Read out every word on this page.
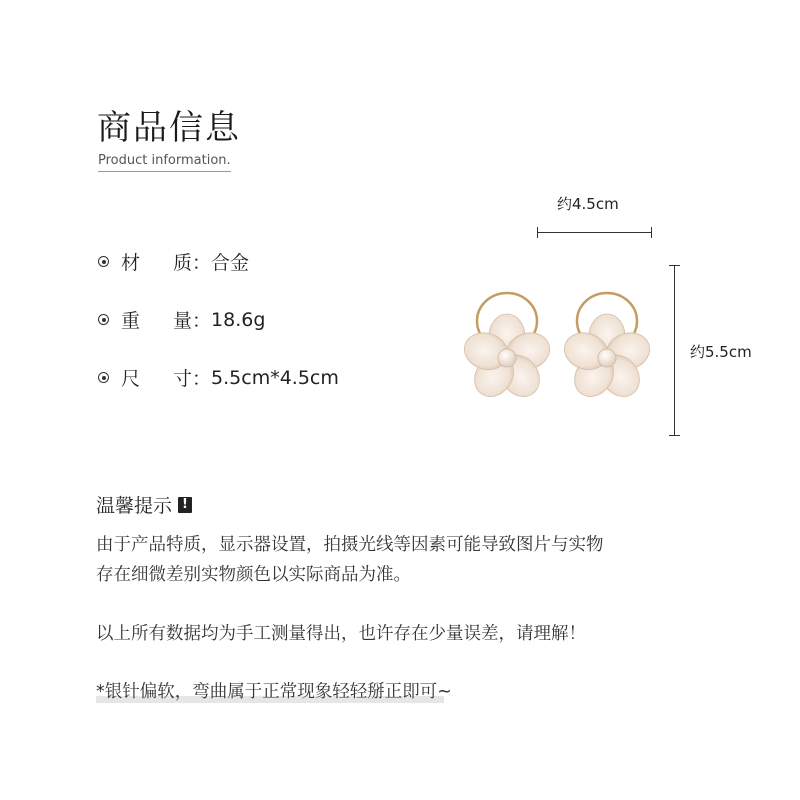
商品信息
Product information.
材	质 ： 合金
重	量 ： 18.6g
尺	寸 ： 5.5cm*4.5cm
约4.5cm
约5.5cm
温馨提示 !
由于产品特质，显示器设置，拍摄光线等因素可能导致图片与实物
存在细微差别实物颜色以实际商品为准。
以上所有数据均为手工测量得出，也许存在少量误差，请理解！
*银针偏软，弯曲属于正常现象轻轻掰正即可~
